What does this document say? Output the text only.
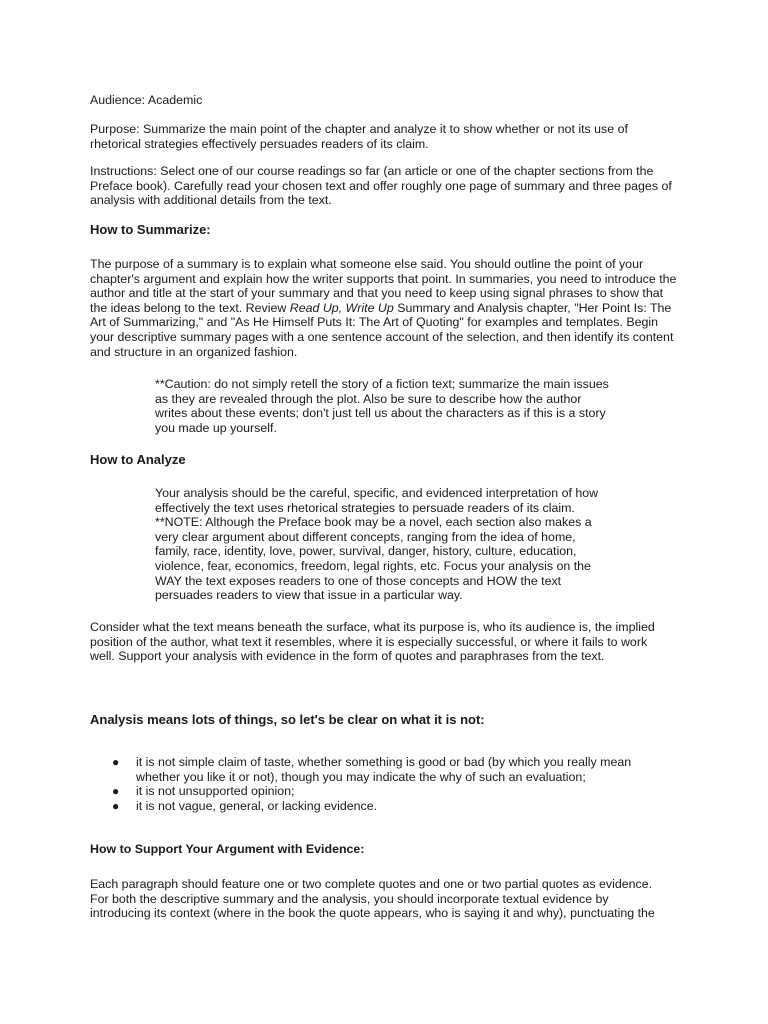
Audience: Academic

Purpose: Summarize the main point of the chapter and analyze it to show whether or not its use of rhetorical strategies effectively persuades readers of its claim.

Instructions: Select one of our course readings so far (an article or one of the chapter sections from the Preface book). Carefully read your chosen text and offer roughly one page of summary and three pages of analysis with additional details from the text.

How to Summarize:

The purpose of a summary is to explain what someone else said. You should outline the point of your chapter's argument and explain how the writer supports that point. In summaries, you need to introduce the author and title at the start of your summary and that you need to keep using signal phrases to show that the ideas belong to the text. Review Read Up, Write Up Summary and Analysis chapter, "Her Point Is: The Art of Summarizing," and "As He Himself Puts It: The Art of Quoting" for examples and templates. Begin your descriptive summary pages with a one sentence account of the selection, and then identify its content and structure in an organized fashion.

**Caution: do not simply retell the story of a fiction text; summarize the main issues as they are revealed through the plot. Also be sure to describe how the author writes about these events; don't just tell us about the characters as if this is a story you made up yourself.

How to Analyze

Your analysis should be the careful, specific, and evidenced interpretation of how effectively the text uses rhetorical strategies to persuade readers of its claim. **NOTE: Although the Preface book may be a novel, each section also makes a very clear argument about different concepts, ranging from the idea of home, family, race, identity, love, power, survival, danger, history, culture, education, violence, fear, economics, freedom, legal rights, etc. Focus your analysis on the WAY the text exposes readers to one of those concepts and HOW the text persuades readers to view that issue in a particular way.

Consider what the text means beneath the surface, what its purpose is, who its audience is, the implied position of the author, what text it resembles, where it is especially successful, or where it fails to work well. Support your analysis with evidence in the form of quotes and paraphrases from the text.

Analysis means lots of things, so let's be clear on what it is not:
● it is not simple claim of taste, whether something is good or bad (by which you really mean whether you like it or not), though you may indicate the why of such an evaluation;
● it is not unsupported opinion;
● it is not vague, general, or lacking evidence.
How to Support Your Argument with Evidence:

Each paragraph should feature one or two complete quotes and one or two partial quotes as evidence. For both the descriptive summary and the analysis, you should incorporate textual evidence by introducing its context (where in the book the quote appears, who is saying it and why), punctuating the
